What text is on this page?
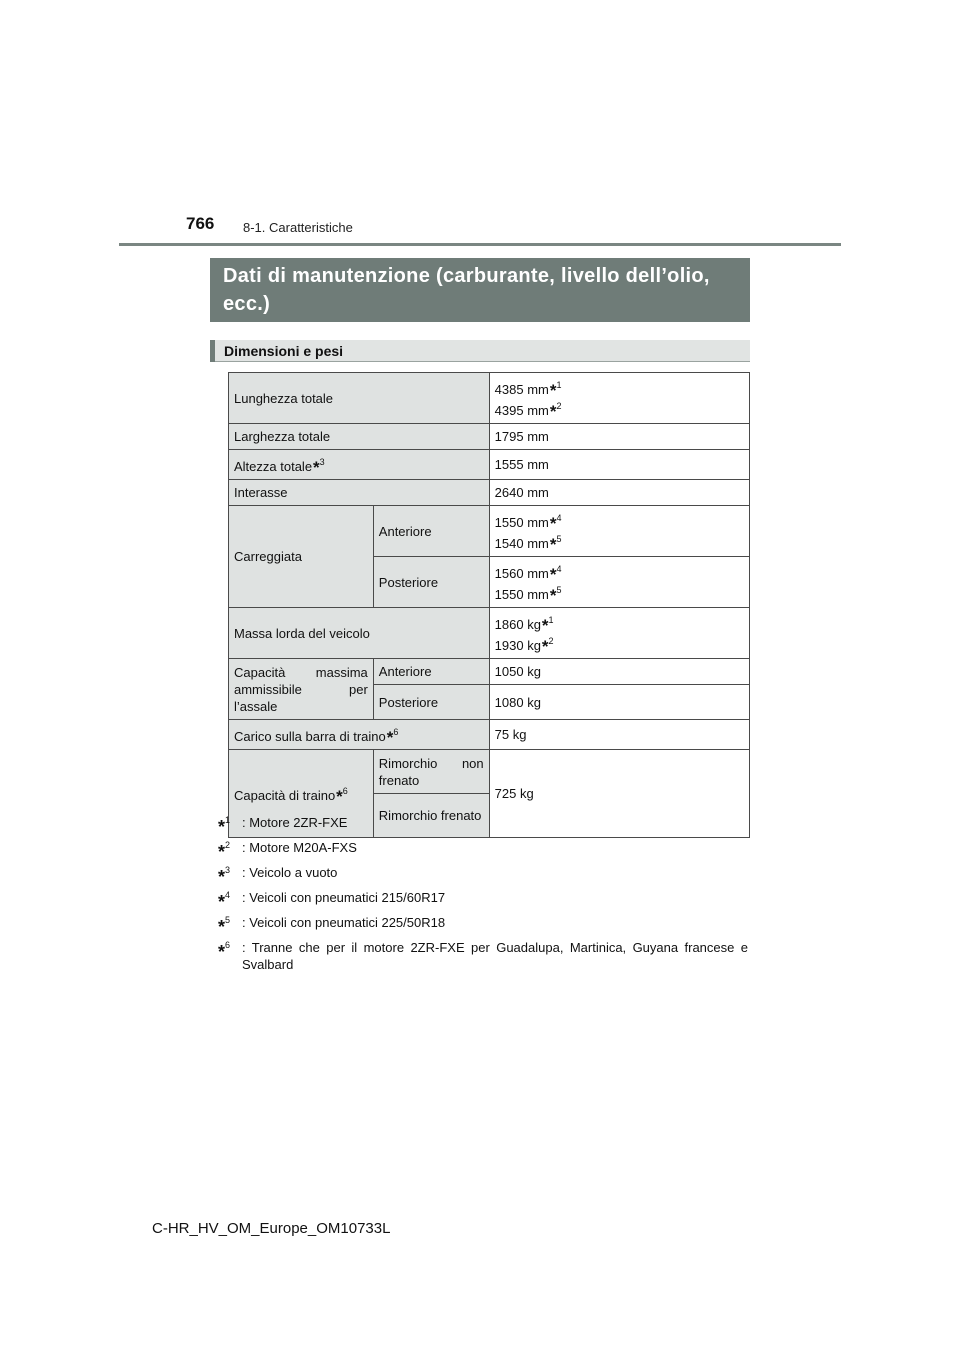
766 8-1. Caratteristiche
Dati di manutenzione (carburante, livello dell’olio, ecc.)
Dimensioni e pesi
Lunghezza totale		4385 mm*$^1$
4395 mm*$^2$
Larghezza totale		1795 mm
Altezza totale*$^3$		1555 mm
Interasse		2640 mm
Carreggiata	Anteriore	1550 mm*$^4$
1540 mm*$^5$
	Posteriore	1560 mm*$^4$
1550 mm*$^5$
Massa lorda del veicolo		1860 kg*$^1$
1930 kg*$^2$
Capacità massima ammissibile per l’assale	Anteriore	1050 kg
	Posteriore	1080 kg
Carico sulla barra di traino*$^6$		75 kg
Capacità di traino*$^6$	Rimorchio non frenato	725 kg
	Rimorchio frenato	
*$^1$ : Motore 2ZR-FXE
*$^2$ : Motore M20A-FXS
*$^3$ : Veicolo a vuoto
*$^4$ : Veicoli con pneumatici 215/60R17
*$^5$ : Veicoli con pneumatici 225/50R18
*$^6$ : Tranne che per il motore 2ZR-FXE per Guadalupa, Martinica, Guyana francese e Svalbard
C-HR_HV_OM_Europe_OM10733L
